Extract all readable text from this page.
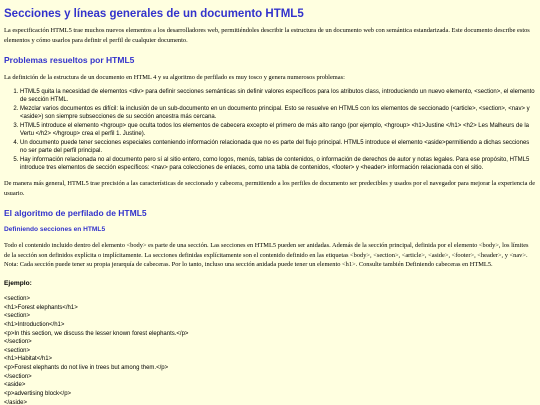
Secciones y líneas generales de un documento HTML5

La especificación HTML5 trae muchos nuevos elementos a los desarrolladores web, permitiéndoles describir la estructura de un documento web con semántica estandarizada. Este documento describe estos elementos y cómo usarlos para definir el perfil de cualquier documento.

Problemas resueltos por HTML5

La definición de la estructura de un documento en HTML 4 y su algoritmo de perfilado es muy tosco y genera numerosos problemas:

1. HTML5 quita la necesidad de elementos <div> para definir secciones semánticas sin definir valores específicos para los atributos class, introduciendo un nuevo elemento, <section>, el elemento de sección HTML.
2. Mezclar varios documentos es difícil: la inclusión de un sub-documento en un documento principal. Esto se resuelve en HTML5 con los elementos de seccionado (<article>, <section>, <nav> y <aside>) son siempre subsecciones de su sección ancestra más cercana.
3. HTML5 introduce el elemento <hgroup> que oculta todos los elementos de cabecera excepto el primero de más alto rango (por ejemplo, <hgroup> <h1>Justine </h1> <h2> Les Malheurs de la Vertu </h2> </hgroup> crea el perfil 1. Justine).
4. Un documento puede tener secciones especiales conteniendo información relacionada que no es parte del flujo principal. HTML5 introduce el elemento <aside>permitiendo a dichas secciones no ser parte del perfil principal.
5. Hay información relacionada no al documento pero sí al sitio entero, como logos, menús, tablas de contenidos, o información de derechos de autor y notas legales. Para ese propósito, HTML5 introduce tres elementos de sección específicos: <nav> para colecciones de enlaces, como una tabla de contenidos, <footer> y <header> información relacionada con el sitio.

De manera más general, HTML5 trae precisión a las características de seccionado y cabecera, permitiendo a los perfiles de documento ser predecibles y usados por el navegador para mejorar la experiencia de usuario.

El algoritmo de perfilado de HTML5
Definiendo secciones en HTML5

Todo el contenido incluido dentro del elemento <body> es parte de una sección. Las secciones en HTML5 pueden ser anidadas. Además de la sección principal, definida por el elemento <body>, los límites de la sección son definidos explícita o implícitamente. La secciones definidas explícitamente son el contenido definido en las etiquetas <body>, <section>, <article>, <aside>, <footer>, <header>, y <nav>. Nota: Cada sección puede tener su propia jerarquía de cabeceras. Por lo tanto, incluso una sección anidada puede tener un elemento <h1>. Consulte también Definiendo cabeceras en HTML5.

Ejemplo:
<section>
<h1>Forest elephants</h1>
<section>
<h1>Introduction</h1>
<p>In this section, we discuss the lesser known forest elephants.</p>
</section>
<section>
<h1>Habitat</h1>
<p>Forest elephants do not live in trees but among them.</p>
</section>
<aside>
<p>advertising block</p>
</aside>
